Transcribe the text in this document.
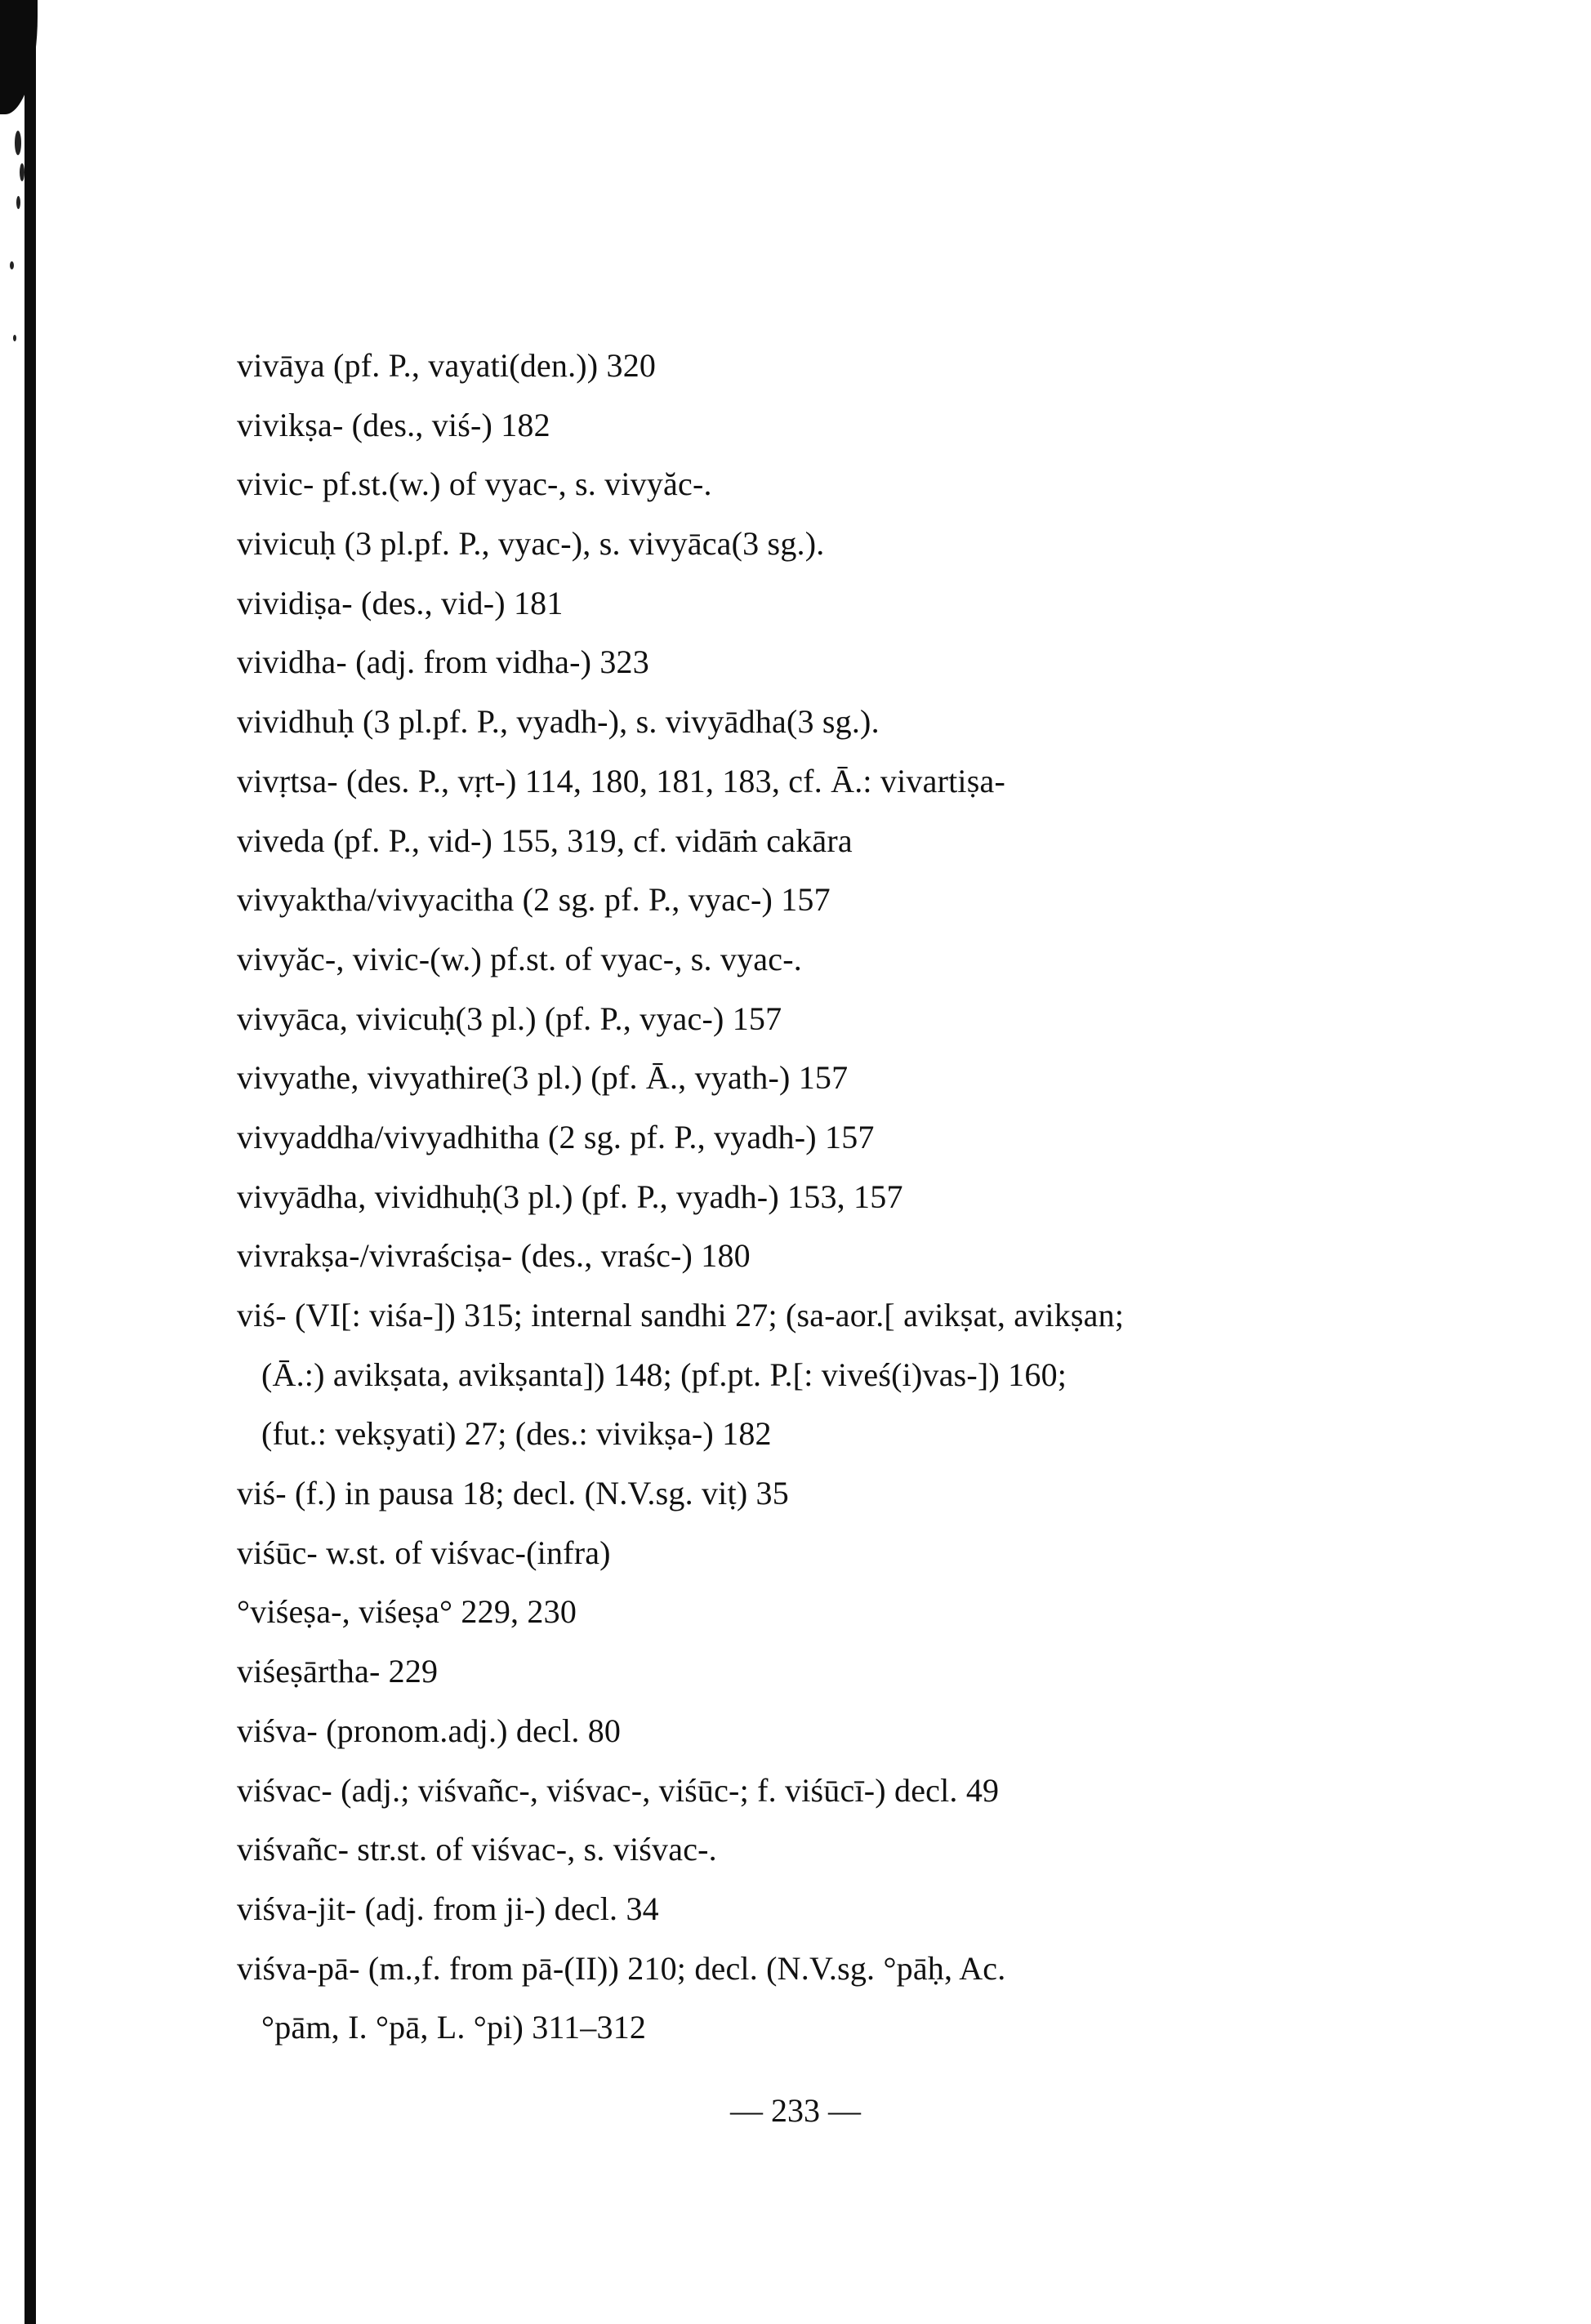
vivāya (pf. P., vayati(den.)) 320
vivikṣa- (des., viś-) 182
vivic- pf.st.(w.) of vyac-, s. vivyăc-.
vivicuḥ (3 pl.pf. P., vyac-), s. vivyāca(3 sg.).
vividiṣa- (des., vid-) 181
vividha- (adj. from vidha-) 323
vividhuḥ (3 pl.pf. P., vyadh-), s. vivyādha(3 sg.).
vivṛtsa- (des. P., vṛt-) 114, 180, 181, 183, cf. Ā.: vivartiṣa-
viveda (pf. P., vid-) 155, 319, cf. vidāṁ cakāra
vivyaktha/vivyacitha (2 sg. pf. P., vyac-) 157
vivyăc-, vivic-(w.) pf.st. of vyac-, s. vyac-.
vivyāca, vivicuḥ(3 pl.) (pf. P., vyac-) 157
vivyathe, vivyathire(3 pl.) (pf. Ā., vyath-) 157
vivyaddha/vivyadhitha (2 sg. pf. P., vyadh-) 157
vivyādha, vividhuḥ(3 pl.) (pf. P., vyadh-) 153, 157
vivrakṣa-/vivraściṣa- (des., vraśc-) 180
viś- (VI[: viśa-]) 315; internal sandhi 27; (sa-aor.[ avikṣat, avikṣan;
(Ā.:) avikṣata, avikṣanta]) 148; (pf.pt. P.[: viveś(i)vas-]) 160;
(fut.: vekṣyati) 27; (des.: vivikṣa-) 182
viś- (f.) in pausa 18; decl. (N.V.sg. viṭ) 35
viśūc- w.st. of viśvac-(infra)
°viśeṣa-, viśeṣa° 229, 230
viśeṣārtha- 229
viśva- (pronom.adj.) decl. 80
viśvac- (adj.; viśvañc-, viśvac-, viśūc-; f. viśūcī-) decl. 49
viśvañc- str.st. of viśvac-, s. viśvac-.
viśva-jit- (adj. from ji-) decl. 34
viśva-pā- (m.,f. from pā-(II)) 210; decl. (N.V.sg. °pāḥ, Ac.
°pām, I. °pā, L. °pi) 311–312
— 233 —
